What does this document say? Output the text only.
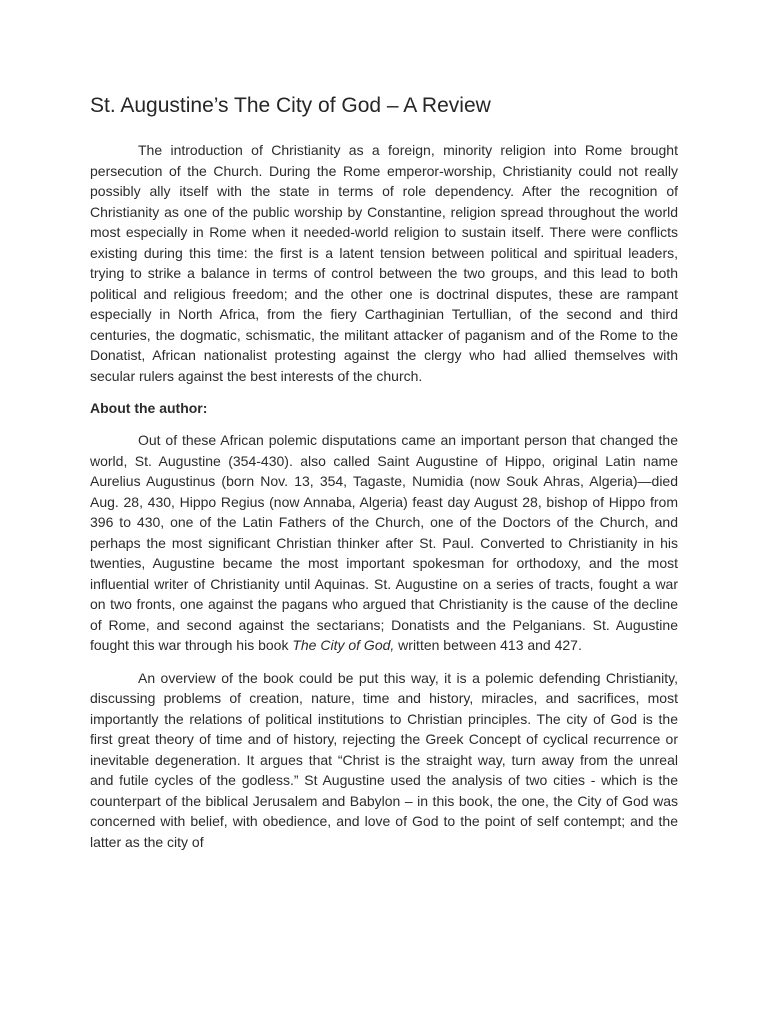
St. Augustine’s The City of God – A Review

The introduction of Christianity as a foreign, minority religion into Rome brought persecution of the Church. During the Rome emperor-worship, Christianity could not really possibly ally itself with the state in terms of role dependency. After the recognition of Christianity as one of the public worship by Constantine, religion spread throughout the world most especially in Rome when it needed-world religion to sustain itself. There were conflicts existing during this time: the first is a latent tension between political and spiritual leaders, trying to strike a balance in terms of control between the two groups, and this lead to both political and religious freedom; and the other one is doctrinal disputes, these are rampant especially in North Africa, from the fiery Carthaginian Tertullian, of the second and third centuries, the dogmatic, schismatic, the militant attacker of paganism and of the Rome to the Donatist, African nationalist protesting against the clergy who had allied themselves with secular rulers against the best interests of the church.

About the author:

Out of these African polemic disputations came an important person that changed the world, St. Augustine (354-430). also called Saint Augustine of Hippo, original Latin name Aurelius Augustinus (born Nov. 13, 354, Tagaste, Numidia (now Souk Ahras, Algeria)—died Aug. 28, 430, Hippo Regius (now Annaba, Algeria) feast day August 28, bishop of Hippo from 396 to 430, one of the Latin Fathers of the Church, one of the Doctors of the Church, and perhaps the most significant Christian thinker after St. Paul. Converted to Christianity in his twenties, Augustine became the most important spokesman for orthodoxy, and the most influential writer of Christianity until Aquinas. St. Augustine on a series of tracts, fought a war on two fronts, one against the pagans who argued that Christianity is the cause of the decline of Rome, and second against the sectarians; Donatists and the Pelganians. St. Augustine fought this war through his book The City of God, written between 413 and 427.

An overview of the book could be put this way, it is a polemic defending Christianity, discussing problems of creation, nature, time and history, miracles, and sacrifices, most importantly the relations of political institutions to Christian principles. The city of God is the first great theory of time and of history, rejecting the Greek Concept of cyclical recurrence or inevitable degeneration. It argues that “Christ is the straight way, turn away from the unreal and futile cycles of the godless.” St Augustine used the analysis of two cities - which is the counterpart of the biblical Jerusalem and Babylon – in this book, the one, the City of God was concerned with belief, with obedience, and love of God to the point of self contempt; and the latter as the city of
